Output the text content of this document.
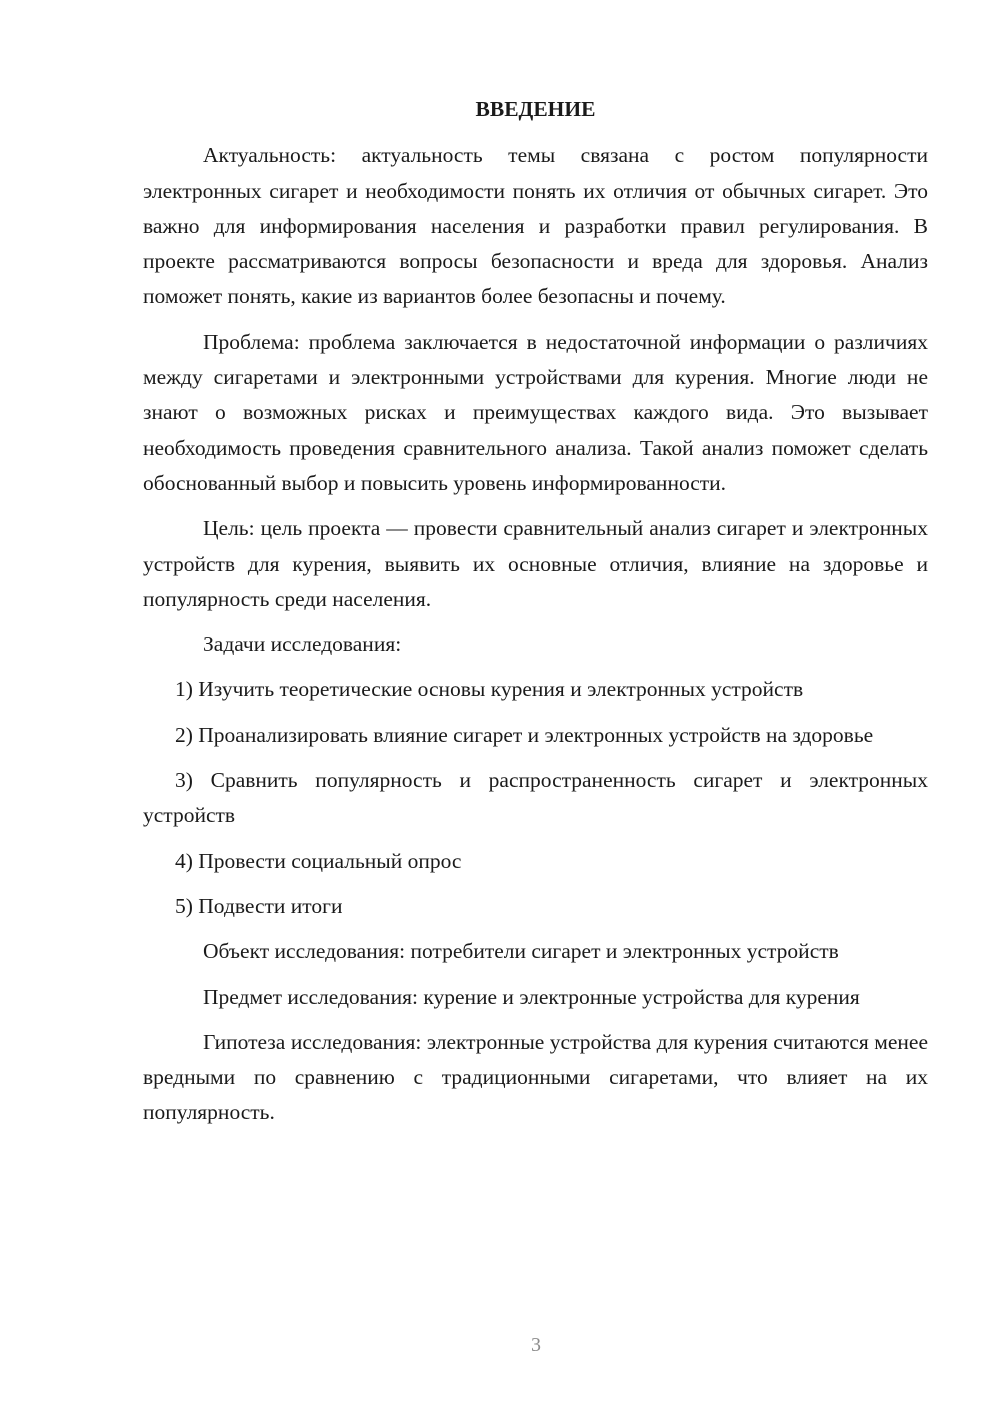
ВВЕДЕНИЕ

Актуальность: актуальность темы связана с ростом популярности электронных сигарет и необходимости понять их отличия от обычных сигарет. Это важно для информирования населения и разработки правил регулирования. В проекте рассматриваются вопросы безопасности и вреда для здоровья. Анализ поможет понять, какие из вариантов более безопасны и почему.

Проблема: проблема заключается в недостаточной информации о различиях между сигаретами и электронными устройствами для курения. Многие люди не знают о возможных рисках и преимуществах каждого вида. Это вызывает необходимость проведения сравнительного анализа. Такой анализ поможет сделать обоснованный выбор и повысить уровень информированности.

Цель: цель проекта — провести сравнительный анализ сигарет и электронных устройств для курения, выявить их основные отличия, влияние на здоровье и популярность среди населения.

Задачи исследования:

1) Изучить теоретические основы курения и электронных устройств

2) Проанализировать влияние сигарет и электронных устройств на здоровье

3) Сравнить популярность и распространенность сигарет и электронных устройств

4) Провести социальный опрос

5) Подвести итоги

Объект исследования: потребители сигарет и электронных устройств

Предмет исследования: курение и электронные устройства для курения

Гипотеза исследования: электронные устройства для курения считаются менее вредными по сравнению с традиционными сигаретами, что влияет на их популярность.

3
